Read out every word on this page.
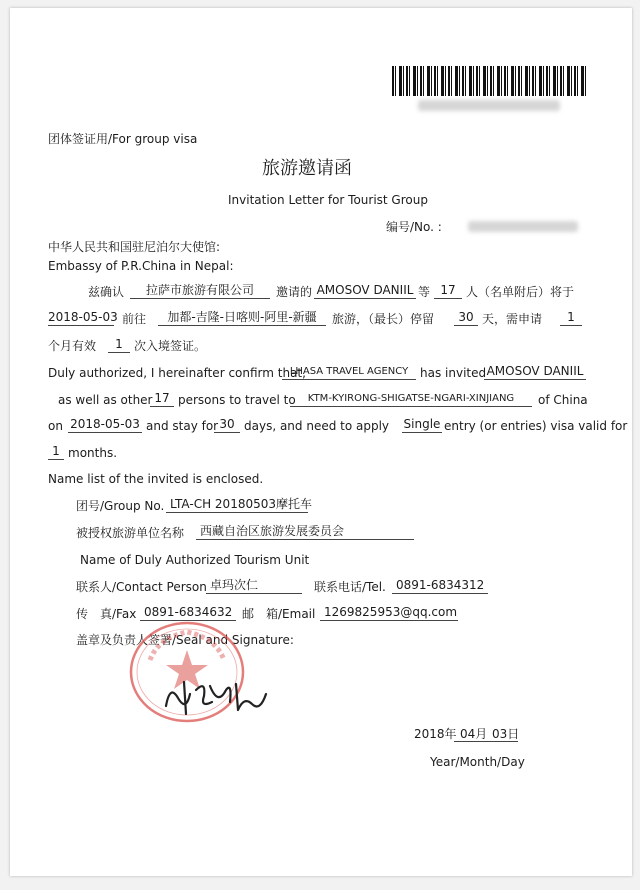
团体签证用/For group visa
旅游邀请函
Invitation Letter for Tourist Group
编号/No. :
中华人民共和国驻尼泊尔大使馆:
Embassy of P.R.China in Nepal:
兹确认	拉萨市旅游有限公司	邀请的 AMOSOV DANIIL 等 17 人（名单附后）将于
2018-05-03 前往	加都-吉隆-日喀则-阿里-新疆	旅游，（最长）停留	30 天，需申请	1
个月有效	1 次入境签证。
Duly authorized, I hereinafter confirm that,
LHASA TRAVEL AGENCY has invited AMOSOV DANIIL
as well as other 17 persons to travel to	KTM-KYIRONG-SHIGATSE-NGARI-XINJIANG	of China
on 2018-05-03 and stay for 30 days, and need to apply Single entry (or entries) visa valid for
1 months.
Name list of the invited is enclosed.
团号/Group No. LTA-CH 20180503摩托车
被授权旅游单位名称	西藏自治区旅游发展委员会
Name of Duly Authorized Tourism Unit
联系人/Contact Person 卓玛次仁	联系电话/Tel. 0891-6834312
传　真/Fax 0891-6834632 邮　箱/Email 1269825953@qq.com
盖章及负责人签署/Seal and Signature:
2018年 04月 03日
Year/Month/Day
